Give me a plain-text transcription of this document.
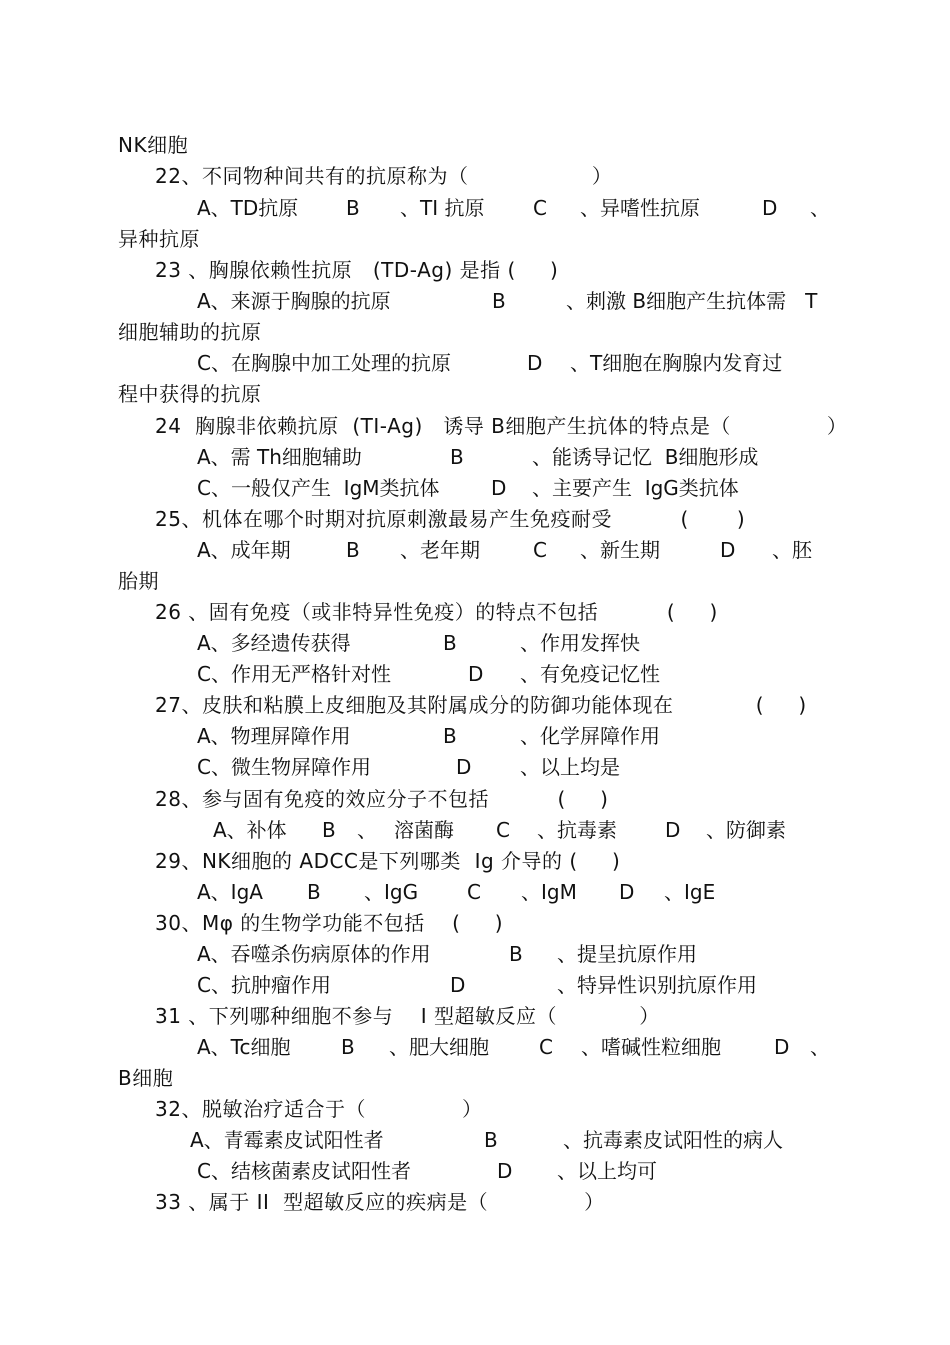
NK细胞
22、不同物种间共有的抗原称为（                  ）
A、TD抗原 B 、TI 抗原 C 、异嗜性抗原	D 、
异种抗原
23 、胸腺依赖性抗原   (TD-Ag) 是指 (     )
A、来源于胸腺的抗原	B	、刺激 B细胞产生抗体需   T
细胞辅助的抗原
C、在胸腺中加工处理的抗原	D 、T细胞在胸腺内发育过
程中获得的抗原
24  胸腺非依赖抗原  (TI-Ag)   诱导 B细胞产生抗体的特点是（              ）
A、需 Th细胞辅助	B	、能诱导记忆  B细胞形成
C、一般仅产生  IgM类抗体	D 、主要产生  IgG类抗体
25、机体在哪个时期对抗原刺激最易产生免疫耐受          (       )
A、成年期	B 、老年期	C 、新生期	D 、胚
胎期
26 、固有免疫（或非特异性免疫）的特点不包括          (     )
A、多经遗传获得	B	、作用发挥快
C、作用无严格针对性	D 、有免疫记忆性
27、皮肤和粘膜上皮细胞及其附属成分的防御功能体现在            (     )
A、物理屏障作用	B	、化学屏障作用
C、微生物屏障作用	D 、以上均是
28、参与固有免疫的效应分子不包括          (     )
A、补体 B 、 溶菌酶 C 、抗毒素 D 、防御素
29、NK细胞的 ADCC是下列哪类  Ig 介导的 (     )
A、IgA B 、IgG C 、IgM D 、IgE
30、Mφ 的生物学功能不包括    (     )
A、吞噬杀伤病原体的作用	B 、提呈抗原作用
C、抗肿瘤作用	D	、特异性识别抗原作用
31 、下列哪种细胞不参与    I 型超敏反应（            ）
A、Tc细胞	B 、肥大细胞	C 、嗜碱性粒细胞	D 、
B细胞
32、脱敏治疗适合于（              ）
A、青霉素皮试阳性者	B	、抗毒素皮试阳性的病人
C、结核菌素皮试阳性者	D 、以上均可
33 、属于 II  型超敏反应的疾病是（              ）
